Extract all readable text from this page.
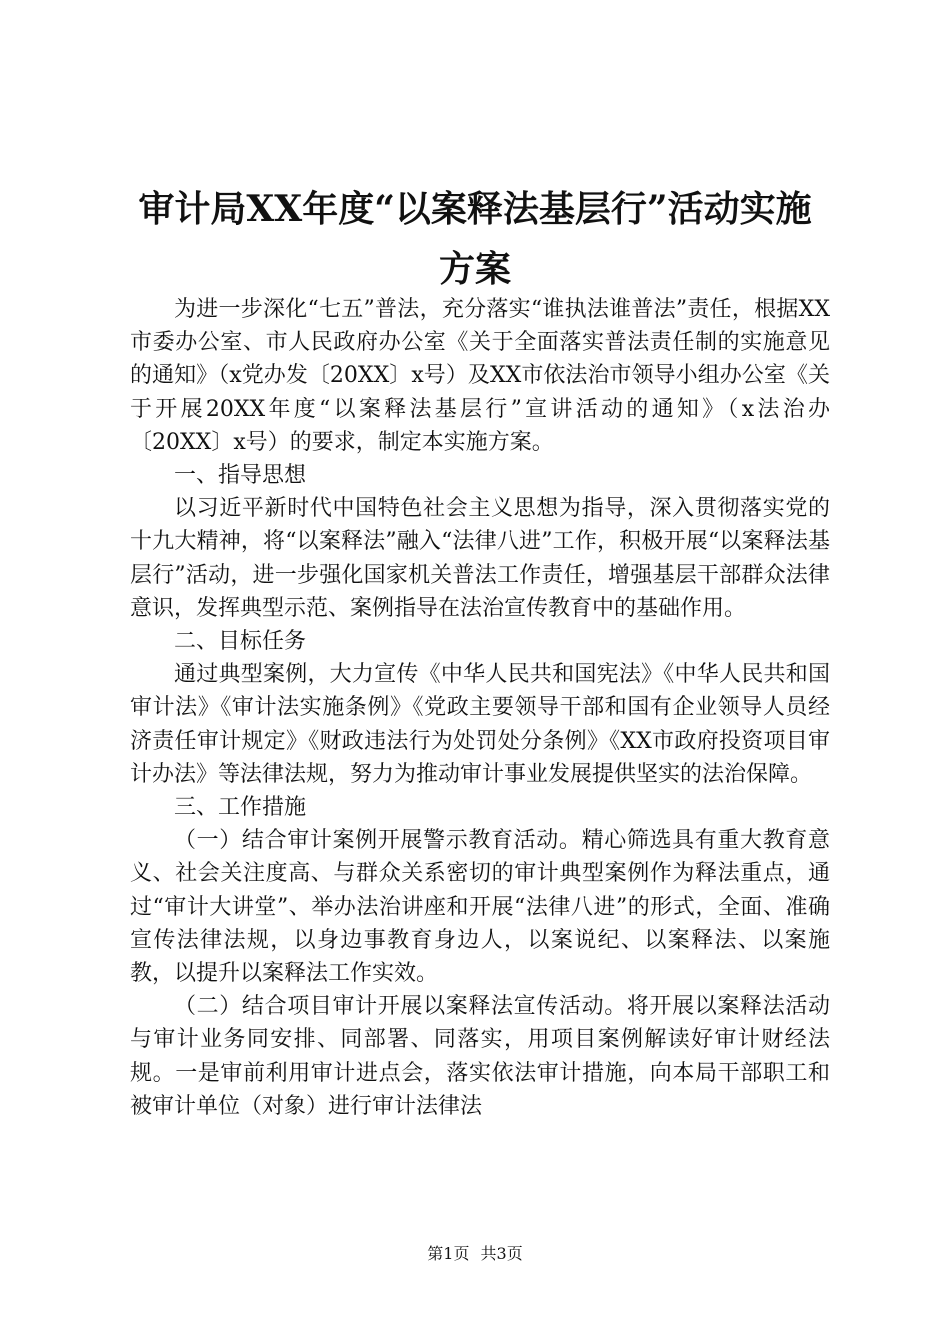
审计局XX年度“以案释法基层行”活动实施
方案

为进一步深化“七五”普法，充分落实“谁执法谁普法”责任，根据XX市委办公室、市人民政府办公室《关于全面落实普法责任制的实施意见的通知》（x党办发〔20XX〕x号）及XX市依法治市领导小组办公室《关于开展20XX年度“以案释法基层行”宣讲活动的通知》（x法治办〔20XX〕x号）的要求，制定本实施方案。

一、指导思想

以习近平新时代中国特色社会主义思想为指导，深入贯彻落实党的十九大精神，将“以案释法”融入“法律八进”工作，积极开展“以案释法基层行”活动，进一步强化国家机关普法工作责任，增强基层干部群众法律意识，发挥典型示范、案例指导在法治宣传教育中的基础作用。

二、目标任务

通过典型案例，大力宣传《中华人民共和国宪法》《中华人民共和国审计法》《审计法实施条例》《党政主要领导干部和国有企业领导人员经济责任审计规定》《财政违法行为处罚处分条例》《XX市政府投资项目审计办法》等法律法规，努力为推动审计事业发展提供坚实的法治保障。

三、工作措施

（一）结合审计案例开展警示教育活动。精心筛选具有重大教育意义、社会关注度高、与群众关系密切的审计典型案例作为释法重点，通过“审计大讲堂”、举办法治讲座和开展“法律八进”的形式，全面、准确宣传法律法规，以身边事教育身边人，以案说纪、以案释法、以案施教，以提升以案释法工作实效。

（二）结合项目审计开展以案释法宣传活动。将开展以案释法活动与审计业务同安排、同部署、同落实，用项目案例解读好审计财经法规。一是审前利用审计进点会，落实依法审计措施，向本局干部职工和被审计单位（对象）进行审计法律法

第1页 共3页
